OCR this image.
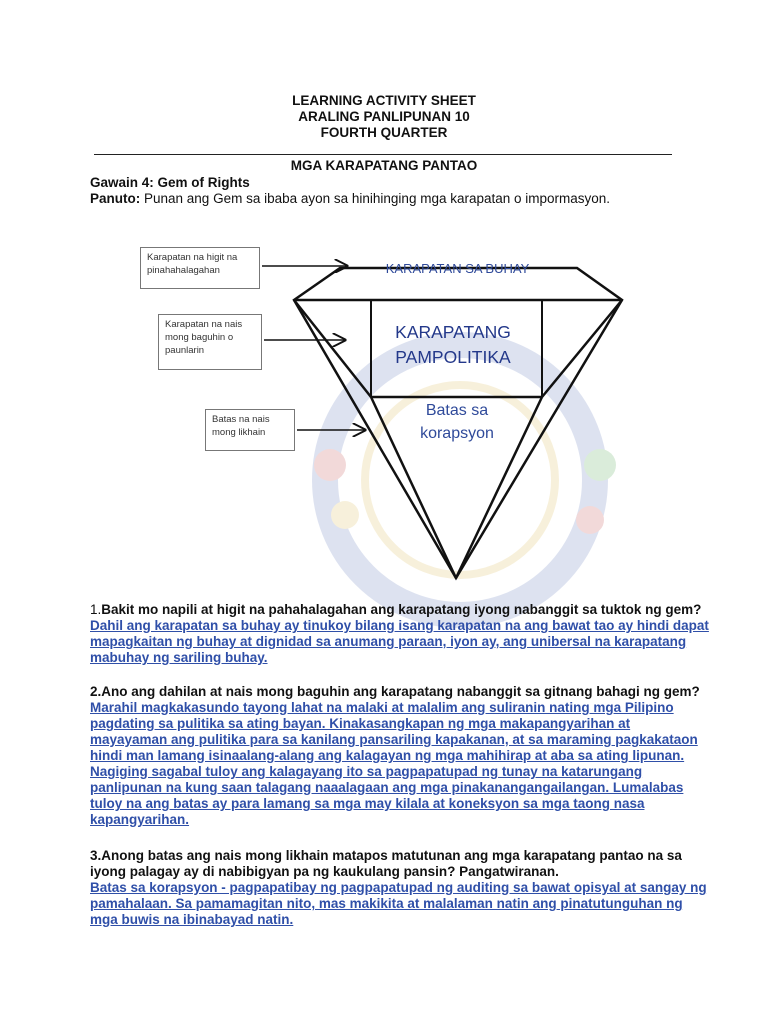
LEARNING ACTIVITY SHEET
ARALING PANLIPUNAN 10
FOURTH QUARTER
MGA KARAPATANG PANTAO
Gawain 4: Gem of Rights
Panuto: Punan ang Gem sa ibaba ayon sa hinihinging mga karapatan o impormasyon.
Karapatan na higit na pinahahalagahan
Karapatan na nais mong baguhin o paunlarin
Batas na nais mong likhain
KARAPATAN SA BUHAY
KARAPATANG PAMPOLITIKA
Batas sa korapsyon
1.Bakit mo napili at higit na pahahalagahan ang karapatang iyong nabanggit sa tuktok ng gem?
Dahil ang karapatan sa buhay ay tinukoy bilang isang karapatan na ang bawat tao ay hindi dapat mapagkaitan ng buhay at dignidad sa anumang paraan, iyon ay, ang unibersal na karapatang mabuhay ng sariling buhay.
2.Ano ang dahilan at nais mong baguhin ang karapatang nabanggit sa gitnang bahagi ng gem?
Marahil magkakasundo tayong lahat na malaki at malalim ang suliranin nating mga Pilipino pagdating sa pulitika sa ating bayan. Kinakasangkapan ng mga makapangyarihan at mayayaman ang pulitika para sa kanilang pansariling kapakanan, at sa maraming pagkakataon hindi man lamang isinaalang-alang ang kalagayan ng mga mahihirap at aba sa ating lipunan. Nagiging sagabal tuloy ang kalagayang ito sa pagpapatupad ng tunay na katarungang panlipunan na kung saan talagang naaalagaan ang mga pinakanangangailangan. Lumalabas tuloy na ang batas ay para lamang sa mga may kilala at koneksyon sa mga taong nasa kapangyarihan.
3.Anong batas ang nais mong likhain matapos matutunan ang mga karapatang pantao na sa iyong palagay ay di nabibigyan pa ng kaukulang pansin? Pangatwiranan.
Batas sa korapsyon - pagpapatibay ng pagpapatupad ng auditing sa bawat opisyal at sangay ng pamahalaan. Sa pamamagitan nito, mas makikita at malalaman natin ang pinatutunguhan ng mga buwis na ibinabayad natin.
